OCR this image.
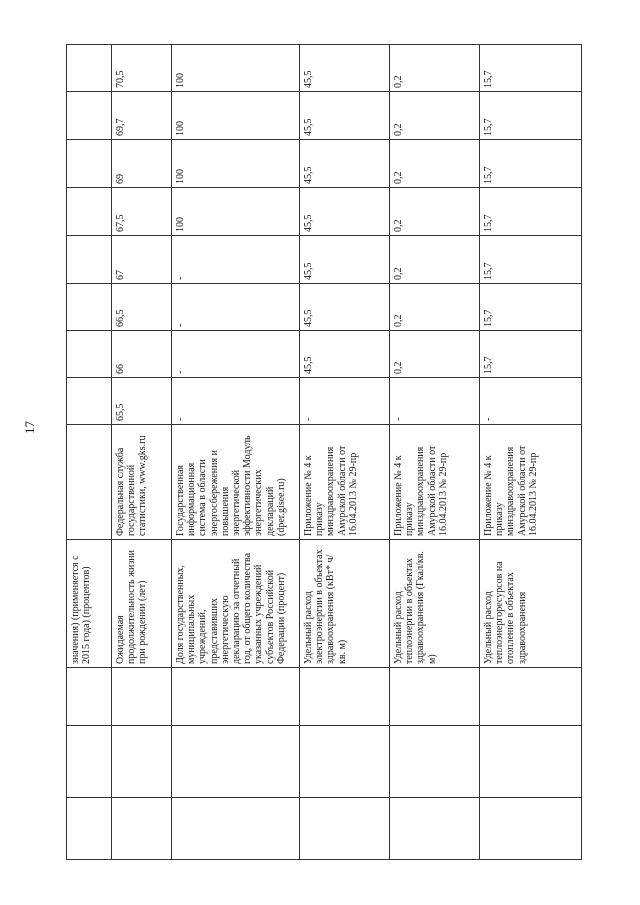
17
			значения) (применяется с 2015 года) (процентов)									
			Ожидаемая продолжительность жизни при рождении (лет)	Федеральная служба государственной статистики, www.gks.ru	65,5	66	66,5	67	67,5	69	69,7	70,5
			Доля государственных, муниципальных учреждений, представивших энергетическую декларацию за отчетный год, от общего количества указанных учреждений субъектов Российской Федерации (процент)	Государственная информационная система в области энергосбережения и повышения энергетической эффективности Модуль энергетических деклараций (dper.gisee.ru)	-	-	-	-	100	100	100	100
			Удельный расход электроэнергии в объектах здравоохранения (кВт* ч/кв. м)	Приложение № 4 к приказу минздравоохранения Амурской области от 16.04.2013 № 29-пр	-	45,5	45,5	45,5	45,5	45,5	45,5	45,5
			Удельный расход теплоэнергии в объектах здравоохранения (Гкал/кв. м)	Приложение № 4 к приказу минздравоохранения Амурской области от 16.04.2013 № 29-пр	-	0,2	0,2	0,2	0,2	0,2	0,2	0,2
			Удельный расход теплоэнергоресурсов на отопление в объектах здравоохранения	Приложение № 4 к приказу минздравоохранения Амурской области от 16.04.2013 № 29-пр	-	15,7	15,7	15,7	15,7	15,7	15,7	15,7
